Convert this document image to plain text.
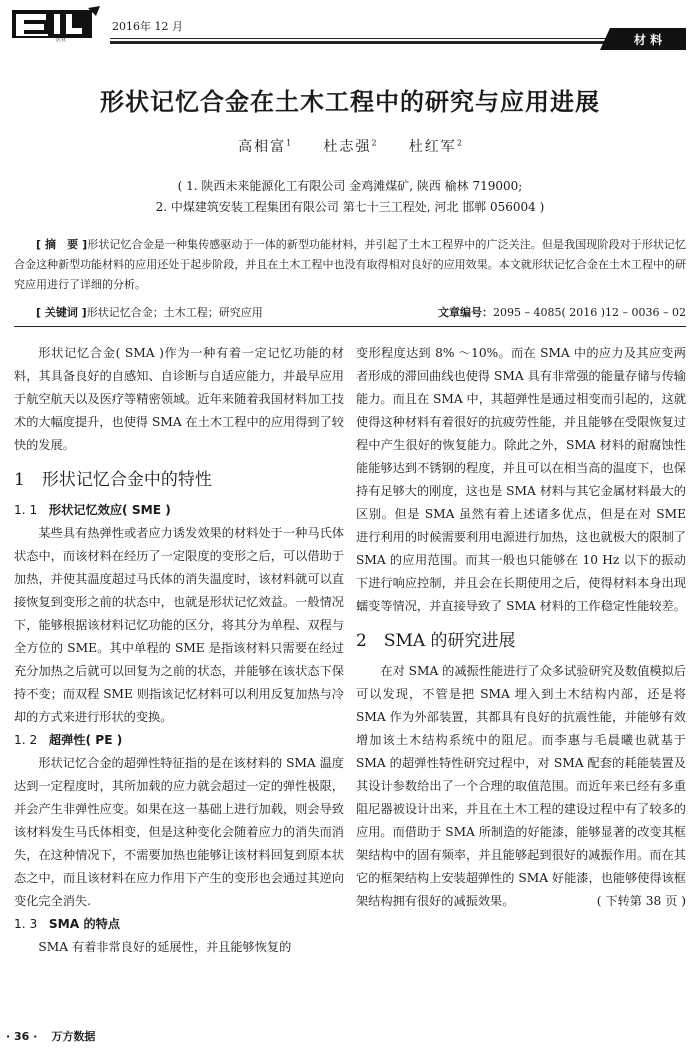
居业
2016年 12 月
材 料
形状记忆合金在土木工程中的研究与应用进展
高相富$^1$ 杜志强$^2$ 杜红军$^2$
( 1. 陕西未来能源化工有限公司 金鸡滩煤矿, 陕西 榆林 719000;
2. 中煤建筑安装工程集团有限公司 第七十三工程处, 河北 邯郸 056004 )
[ 摘　要 ]形状记忆合金是一种集传感驱动于一体的新型功能材料，并引起了土木工程界中的广泛关注。但是我国现阶段对于形状记忆合金这种新型功能材料的应用还处于起步阶段，并且在土木工程中也没有取得相对良好的应用效果。本文就形状记忆合金在土木工程中的研究应用进行了详细的分析。
[ 关键词 ]形状记忆合金；土木工程；研究应用	文章编号：2095 – 4085( 2016 )12 – 0036 – 02

形状记忆合金( SMA )作为一种有着一定记忆功能的材料，其具备良好的自感知、自诊断与自适应能力，并最早应用于航空航天以及医疗等精密领域。近年来随着我国材料加工技术的大幅度提升，也使得 SMA 在土木工程中的应用得到了较快的发展。

1　形状记忆合金中的特性
1. 1 形状记忆效应( SME )

某些具有热弹性或者应力诱发效果的材料处于一种马氏体状态中，而该材料在经历了一定限度的变形之后，可以借助于加热，并使其温度超过马氏体的消失温度时，该材料就可以直接恢复到变形之前的状态中，也就是形状记忆效益。一般情况下，能够根据该材料记忆功能的区分，将其分为单程、双程与全方位的 SME。其中单程的 SME 是指该材料只需要在经过充分加热之后就可以回复为之前的状态，并能够在该状态下保持不变；而双程 SME 则指该记忆材料可以利用反复加热与冷却的方式来进行形状的变换。

1. 2 超弹性( PE )

形状记忆合金的超弹性特征指的是在该材料的 SMA 温度达到一定程度时，其所加载的应力就会超过一定的弹性极限，并会产生非弹性应变。如果在这一基础上进行加载，则会导致该材料发生马氏体相变，但是这种变化会随着应力的消失而消失，在这种情况下，不需要加热也能够让该材料回复到原本状态之中，而且该材料在应力作用下产生的变形也会通过其逆向变化完全消失.

1. 3 SMA 的特点

SMA 有着非常良好的延展性，并且能够恢复的

变形程度达到 8% ～10%。而在 SMA 中的应力及其应变两者形成的滞回曲线也使得 SMA 具有非常强的能量存储与传输能力。而且在 SMA 中，其超弹性是通过相变而引起的，这就使得这种材料有着很好的抗疲劳性能，并且能够在受限恢复过程中产生很好的恢复能力。除此之外，SMA 材料的耐腐蚀性能能够达到不锈钢的程度，并且可以在相当高的温度下，也保持有足够大的刚度，这也是 SMA 材料与其它金属材料最大的区别。但是 SMA 虽然有着上述诸多优点，但是在对 SME 进行利用的时候需要利用电源进行加热，这也就极大的限制了 SMA 的应用范围。而其一般也只能够在 10 Hz 以下的振动下进行响应控制，并且会在长期使用之后，使得材料本身出现蠕变等情况，并直接导致了 SMA 材料的工作稳定性能较差。

2　SMA 的研究进展

在对 SMA 的减振性能进行了众多试验研究及数值模拟后可以发现，不管是把 SMA 埋入到土木结构内部，还是将 SMA 作为外部装置，其都具有良好的抗震性能，并能够有效增加该土木结构系统中的阻尼。而李惠与毛晨曦也就基于 SMA 的超弹性特性研究过程中，对 SMA 配套的耗能装置及其设计参数给出了一个合理的取值范围。而近年来已经有多重阻尼器被设计出来，并且在土木工程的建设过程中有了较多的应用。而借助于 SMA 所制造的好能漆，能够显著的改变其框架结构中的固有频率，并且能够起到很好的减振作用。而在其它的框架结构上安装超弹性的 SMA 好能漆，也能够使得该框架结构拥有很好的减振效果。	( 下转第 38 页 )

· 36 · 万方数据
